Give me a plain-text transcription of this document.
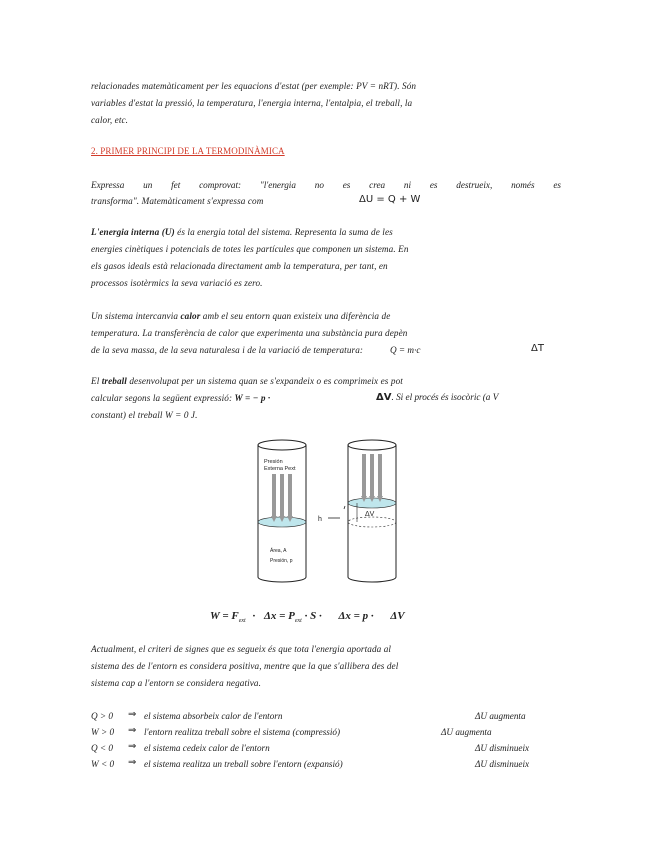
relacionades matemàticament per les equacions d'estat (per exemple: PV = nRT). Són
variables d'estat la pressió, la temperatura, l'energia interna, l'entalpia, el treball, la
calor, etc.
2. PRIMER PRINCIPI DE LA TERMODINÀMICA
Expressa un fet comprovat: "l'energia no es crea ni es destrueix, només es
transforma". Matemàticament s'expressa com	ΔU = Q + W
L'energia interna (U) és la energia total del sistema. Representa la suma de les
energies cinètiques i potencials de totes les partícules que componen un sistema. En
els gasos ideals està relacionada directament amb la temperatura, per tant, en
processos isotèrmics la seva variació es zero.
Un sistema intercanvia calor amb el seu entorn quan existeix una diferència de
temperatura. La transferència de calor que experimenta una substància pura depèn
de la seva massa, de la seva naturalesa i de la variació de temperatura:	Q = m·c	ΔT
El treball desenvolupat per un sistema quan se s'expandeix o es comprimeix es pot
calcular segons la següent expressió: W = − p ·	ΔV. Si el procés és isocòric (a V
constant) el treball W = 0 J.
Presión
Externa Pext
Área, A
Presión, p
h
ΔV
$W = F_{ext} \cdot \Delta x = P_{ext} \cdot S \cdot \Delta x = p \cdot \Delta V$
Actualment, el criteri de signes que es segueix és que tota l'energia aportada al
sistema des de l'entorn es considera positiva, mentre que la que s'allibera des del
sistema cap a l'entorn se considera negativa.
Q > 0 ⇒ el sistema absorbeix calor de l'entorn	ΔU augmenta
W > 0 ⇒ l'entorn realitza treball sobre el sistema (compressió)	ΔU augmenta
Q < 0 ⇒ el sistema cedeix calor de l'entorn	ΔU disminueix
W < 0 ⇒ el sistema realitza un treball sobre l'entorn (expansió)	ΔU disminueix
